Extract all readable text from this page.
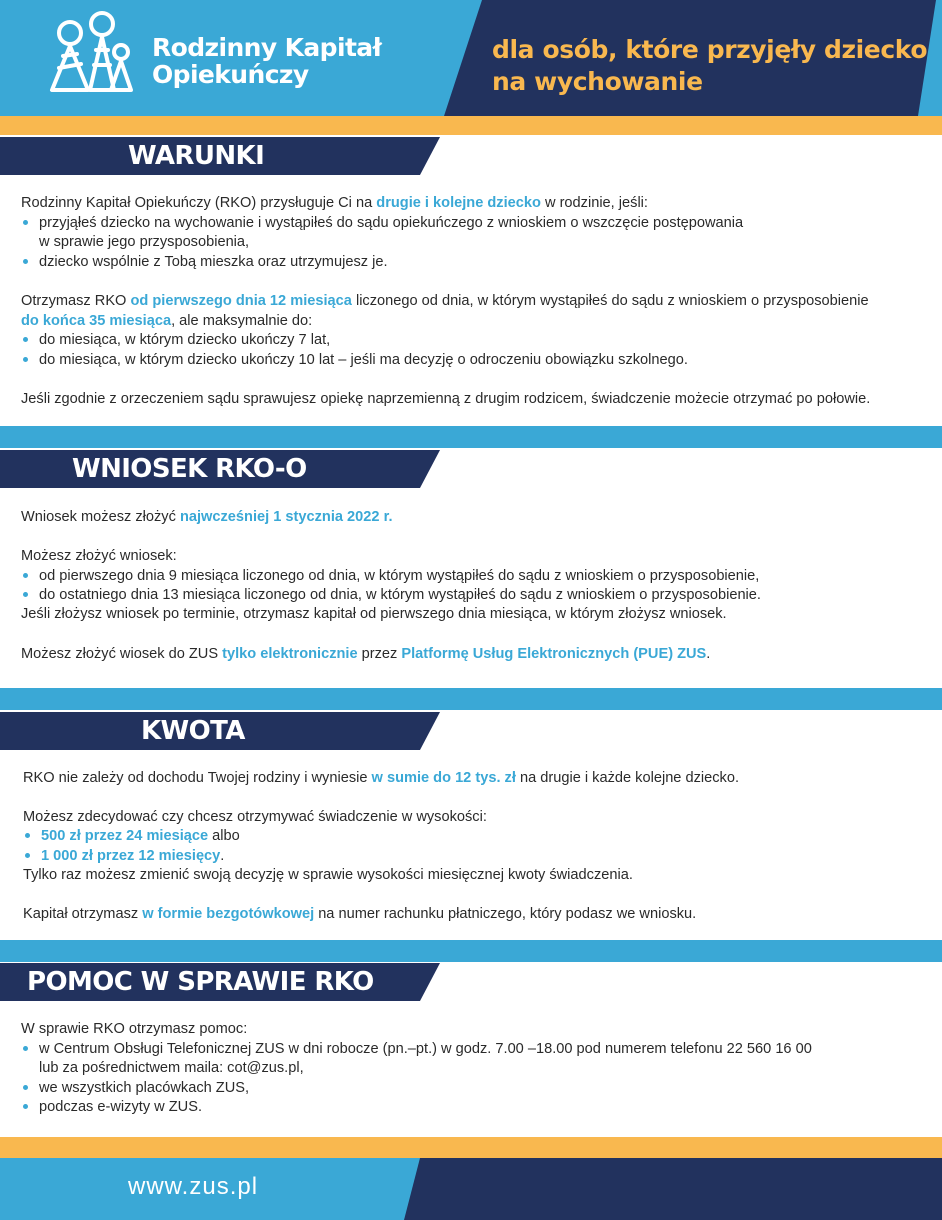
Rodzinny Kapitał
Opiekuńczy
dla osób, które przyjęły dziecko
na wychowanie
WARUNKI
Rodzinny Kapitał Opiekuńczy (RKO) przysługuje Ci na drugie i kolejne dziecko w rodzinie, jeśli:
przyjąłeś dziecko na wychowanie i wystąpiłeś do sądu opiekuńczego z wnioskiem o wszczęcie postępowania
w sprawie jego przysposobienia,
dziecko wspólnie z Tobą mieszka oraz utrzymujesz je.
Otrzymasz RKO od pierwszego dnia 12 miesiąca liczonego od dnia, w którym wystąpiłeś do sądu z wnioskiem o przysposobienie
do końca 35 miesiąca, ale maksymalnie do:
do miesiąca, w którym dziecko ukończy 7 lat,
do miesiąca, w którym dziecko ukończy 10 lat – jeśli ma decyzję o odroczeniu obowiązku szkolnego.
Jeśli zgodnie z orzeczeniem sądu sprawujesz opiekę naprzemienną z drugim rodzicem, świadczenie możecie otrzymać po połowie.
WNIOSEK RKO-O
Wniosek możesz złożyć najwcześniej 1 stycznia 2022 r.
Możesz złożyć wniosek:
od pierwszego dnia 9 miesiąca liczonego od dnia, w którym wystąpiłeś do sądu z wnioskiem o przysposobienie,
do ostatniego dnia 13 miesiąca liczonego od dnia, w którym wystąpiłeś do sądu z wnioskiem o przysposobienie.
Jeśli złożysz wniosek po terminie, otrzymasz kapitał od pierwszego dnia miesiąca, w którym złożysz wniosek.
Możesz złożyć wiosek do ZUS tylko elektronicznie przez Platformę Usług Elektronicznych (PUE) ZUS.
KWOTA
RKO nie zależy od dochodu Twojej rodziny i wyniesie w sumie do 12 tys. zł na drugie i każde kolejne dziecko.
Możesz zdecydować czy chcesz otrzymywać świadczenie w wysokości:
500 zł przez 24 miesiące albo
1 000 zł przez 12 miesięcy.
Tylko raz możesz zmienić swoją decyzję w sprawie wysokości miesięcznej kwoty świadczenia.
Kapitał otrzymasz w formie bezgotówkowej na numer rachunku płatniczego, który podasz we wniosku.
POMOC W SPRAWIE RKO
W sprawie RKO otrzymasz pomoc:
w Centrum Obsługi Telefonicznej ZUS w dni robocze (pn.–pt.) w godz. 7.00 –18.00 pod numerem telefonu 22 560 16 00
lub za pośrednictwem maila: cot@zus.pl,
we wszystkich placówkach ZUS,
podczas e-wizyty w ZUS.
www.zus.pl
